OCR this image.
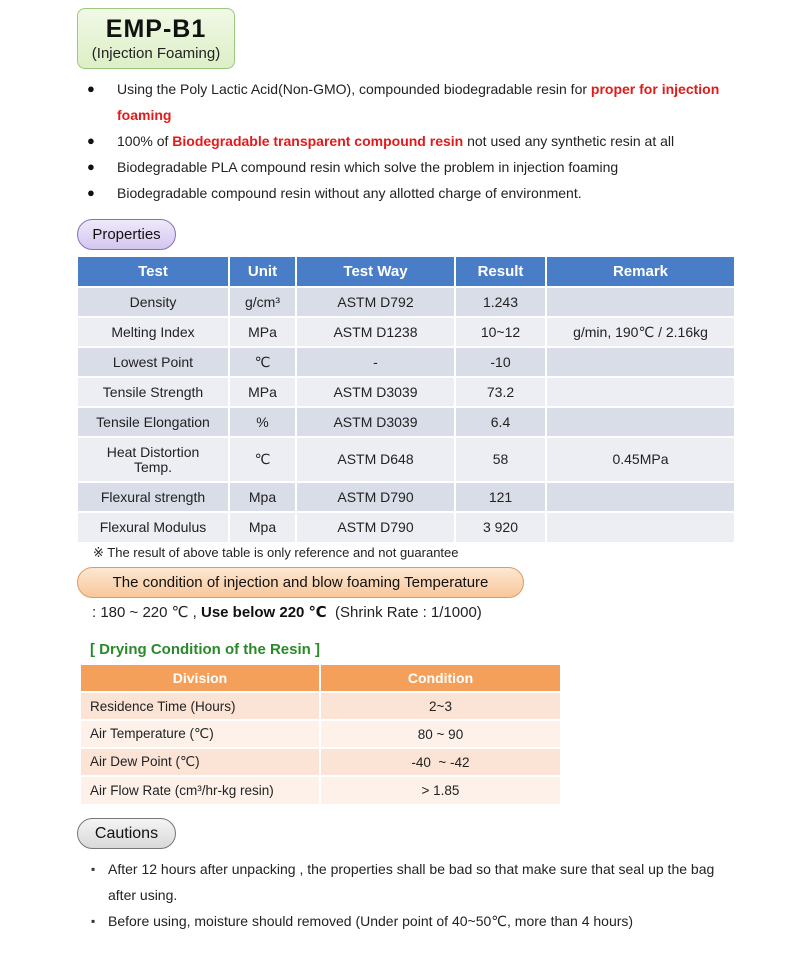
EMP-B1
(Injection Foaming)
● Using the Poly Lactic Acid(Non-GMO), compounded biodegradable resin for proper for injection foaming
● 100% of Biodegradable transparent compound resin not used any synthetic resin at all
● Biodegradable PLA compound resin which solve the problem in injection foaming
● Biodegradable compound resin without any allotted charge of environment.
Properties
Test	Unit	Test Way	Result	Remark
Density	g/cm³	ASTM D792	1.243	
Melting Index	MPa	ASTM D1238	10~12	g/min, 190℃ / 2.16kg
Lowest Point	℃	-	-10	
Tensile Strength	MPa	ASTM D3039	73.2	
Tensile Elongation	%	ASTM D3039	6.4	
Heat Distortion Temp.	℃	ASTM D648	58	0.45MPa
Flexural strength	Mpa	ASTM D790	121	
Flexural Modulus	Mpa	ASTM D790	3 920	
※ The result of above table is only reference and not guarantee
The condition of injection and blow foaming Temperature
: 180 ~ 220 ℃ , Use below 220 ℃  (Shrink Rate : 1/1000)
[ Drying Condition of the Resin ]
Division	Condition
Residence Time (Hours)	2~3
Air Temperature (℃)	80 ~ 90
Air Dew Point (℃)	-40  ~ -42
Air Flow Rate (cm³/hr-kg resin)	> 1.85
Cautions
▪ After 12 hours after unpacking , the properties shall be bad so that make sure that seal up the bag after using.
▪ Before using, moisture should removed (Under point of 40~50℃, more than 4 hours)
